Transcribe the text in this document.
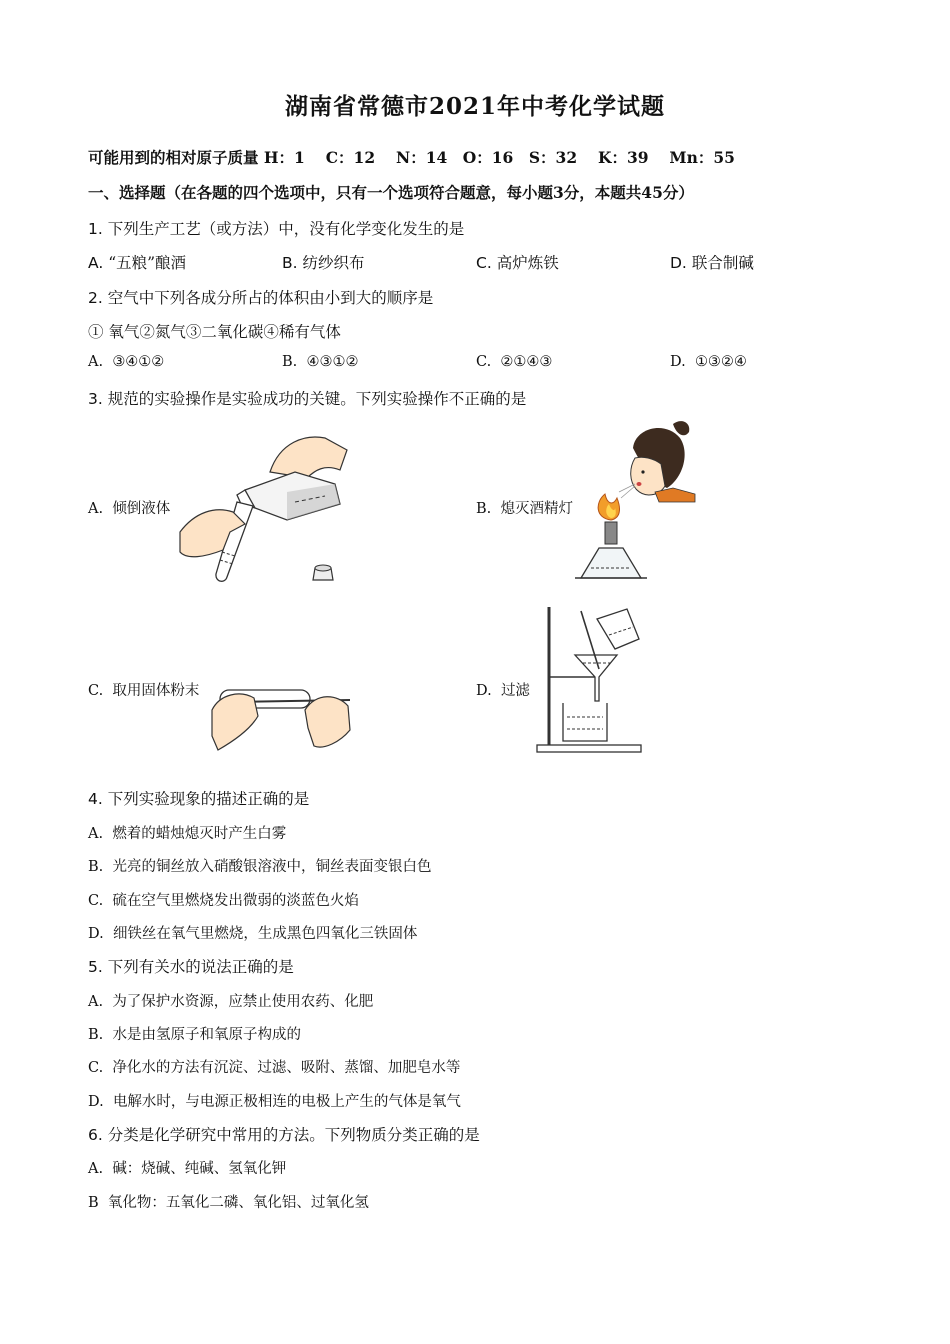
湖南省常德市2021年中考化学试题
可能用到的相对原子质量 H：1　 C：12　 N：14　O：16　S：32　 K：39　 Mn：55
一、选择题（在各题的四个选项中，只有一个选项符合题意，每小题3分，本题共45分）
1. 下列生产工艺（或方法）中，没有化学变化发生的是
A. “五粮”酿酒	B. 纺纱织布	C. 高炉炼铁	D. 联合制碱
2. 空气中下列各成分所占的体积由小到大的顺序是
① 氧气②氮气③二氧化碳④稀有气体
A. ③④①②	B. ④③①②	C. ②①④③	D. ①③②④
3. 规范的实验操作是实验成功的关键。下列实验操作不正确的是
A. 倾倒液体	B. 熄灭酒精灯
C. 取用固体粉末	D. 过滤
4. 下列实验现象的描述正确的是
A. 燃着的蜡烛熄灭时产生白雾
B. 光亮的铜丝放入硝酸银溶液中，铜丝表面变银白色
C. 硫在空气里燃烧发出微弱的淡蓝色火焰
D. 细铁丝在氧气里燃烧，生成黑色四氧化三铁固体
5. 下列有关水的说法正确的是
A. 为了保护水资源，应禁止使用农药、化肥
B. 水是由氢原子和氧原子构成的
C. 净化水的方法有沉淀、过滤、吸附、蒸馏、加肥皂水等
D. 电解水时，与电源正极相连的电极上产生的气体是氧气
6. 分类是化学研究中常用的方法。下列物质分类正确的是
A. 碱：烧碱、纯碱、氢氧化钾
B 氧化物：五氧化二磷、氧化铝、过氧化氢
